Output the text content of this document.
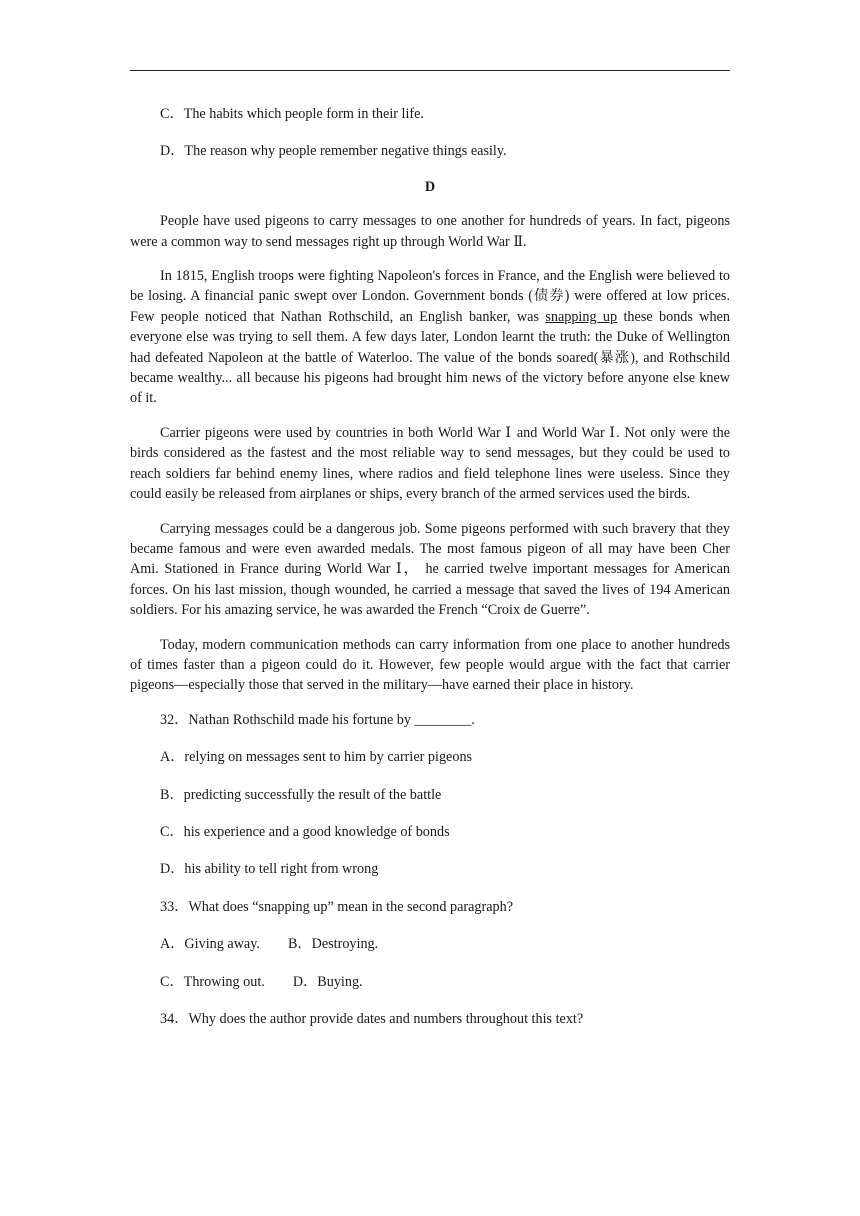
C．The habits which people form in their life.
D．The reason why people remember negative things easily.
D

People have used pigeons to carry messages to one another for hundreds of years. In fact, pigeons were a common way to send messages right up through World War Ⅱ.

In 1815, English troops were fighting Napoleon's forces in France, and the English were believed to be losing. A financial panic swept over London. Government bonds (债券) were offered at low prices. Few people noticed that Nathan Rothschild, an English banker, was snapping up these bonds when everyone else was trying to sell them. A few days later, London learnt the truth: the Duke of Wellington had defeated Napoleon at the battle of Waterloo. The value of the bonds soared(暴涨), and Rothschild became wealthy... all because his pigeons had brought him news of the victory before anyone else knew of it.

Carrier pigeons were used by countries in both World War Ⅰ and World War Ⅰ. Not only were the birds considered as the fastest and the most reliable way to send messages, but they could be used to reach soldiers far behind enemy lines, where radios and field telephone lines were useless. Since they could easily be released from airplanes or ships, every branch of the armed services used the birds.

Carrying messages could be a dangerous job. Some pigeons performed with such bravery that they became famous and were even awarded medals. The most famous pigeon of all may have been Cher Ami. Stationed in France during World War Ⅰ， he carried twelve important messages for American forces. On his last mission, though wounded, he carried a message that saved the lives of 194 American soldiers. For his amazing service, he was awarded the French “Croix de Guerre”.

Today, modern communication methods can carry information from one place to another hundreds of times faster than a pigeon could do it. However, few people would argue with the fact that carrier pigeons—especially those that served in the military—have earned their place in history.

32．Nathan Rothschild made his fortune by ________.
A．relying on messages sent to him by carrier pigeons
B．predicting successfully the result of the battle
C．his experience and a good knowledge of bonds
D．his ability to tell right from wrong
33．What does “snapping up” mean in the second paragraph?
A．Giving away. B．Destroying.
C．Throwing out. D．Buying.
34．Why does the author provide dates and numbers throughout this text?
